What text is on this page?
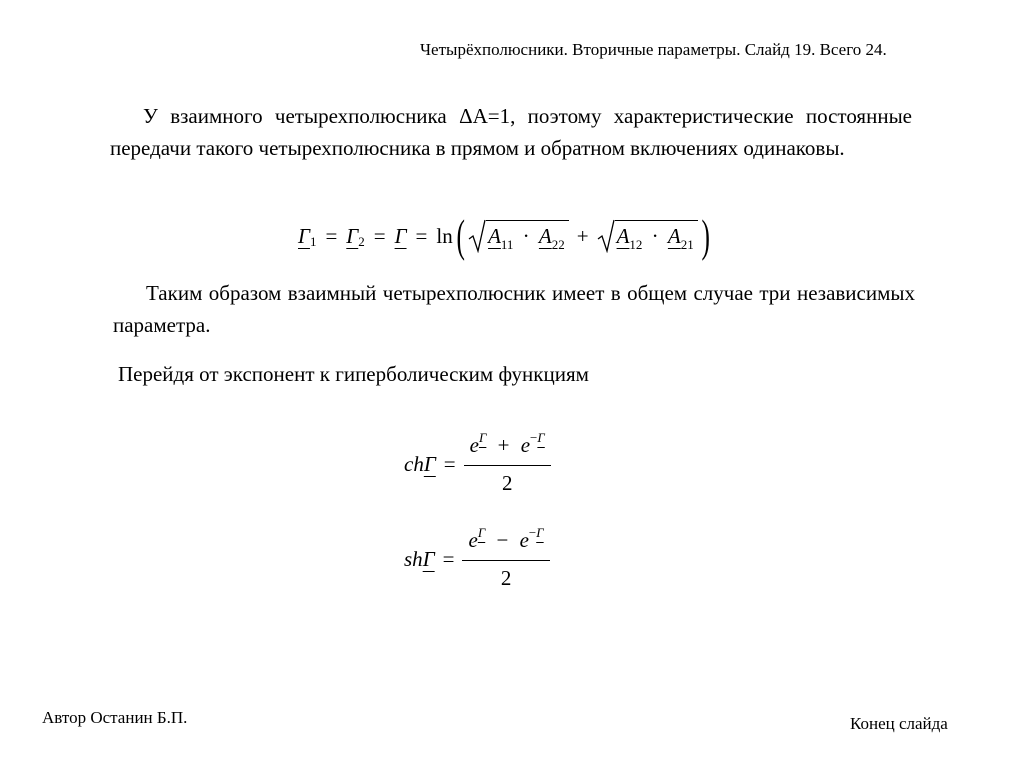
Четырёхполюсники. Вторичные параметры. Слайд 19. Всего 24.
У взаимного четырехполюсника ΔA=1, поэтому характеристические постоянные передачи такого четырехполюсника в прямом и обратном включениях одинаковы.
Г 1 = Г 2 = Г = ln ( $A_{11} \cdot A_{22} + A_{12} \cdot A_{21}$ )
Таким образом взаимный четырехполюсник имеет в общем случае три независимых параметра.
Перейдя от экспонент к гиперболическим функциям
chГ = $\frac{e^Г + e^{-Г}}{2}$
shГ = $\frac{e^Г - e^{-Г}}{2}$
Автор Останин Б.П.	Конец слайда
